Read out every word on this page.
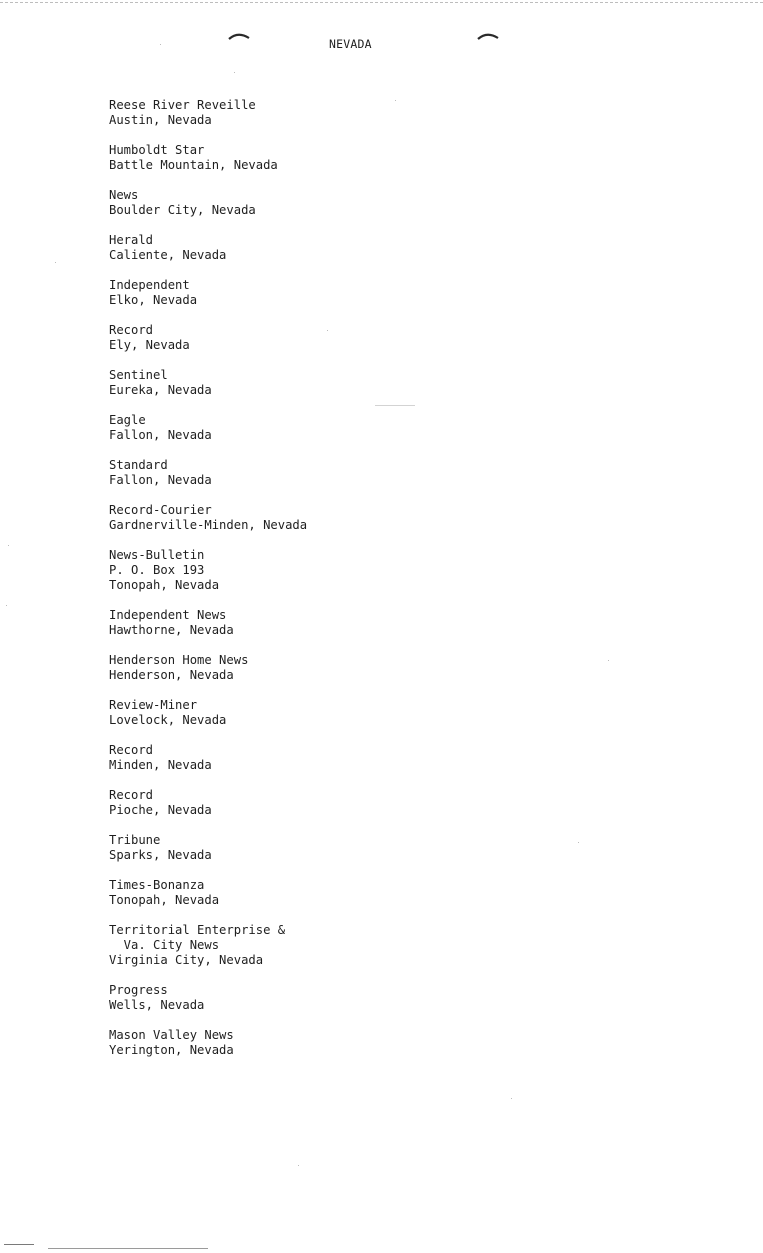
NEVADA
Reese River Reveille
Austin, Nevada
Humboldt Star
Battle Mountain, Nevada
News
Boulder City, Nevada
Herald
Caliente, Nevada
Independent
Elko, Nevada
Record
Ely, Nevada
Sentinel
Eureka, Nevada
Eagle
Fallon, Nevada
Standard
Fallon, Nevada
Record-Courier
Gardnerville-Minden, Nevada
News-Bulletin
P. O. Box 193
Tonopah, Nevada
Independent News
Hawthorne, Nevada
Henderson Home News
Henderson, Nevada
Review-Miner
Lovelock, Nevada
Record
Minden, Nevada
Record
Pioche, Nevada
Tribune
Sparks, Nevada
Times-Bonanza
Tonopah, Nevada
Territorial Enterprise &
Va. City News
Virginia City, Nevada
Progress
Wells, Nevada
Mason Valley News
Yerington, Nevada
